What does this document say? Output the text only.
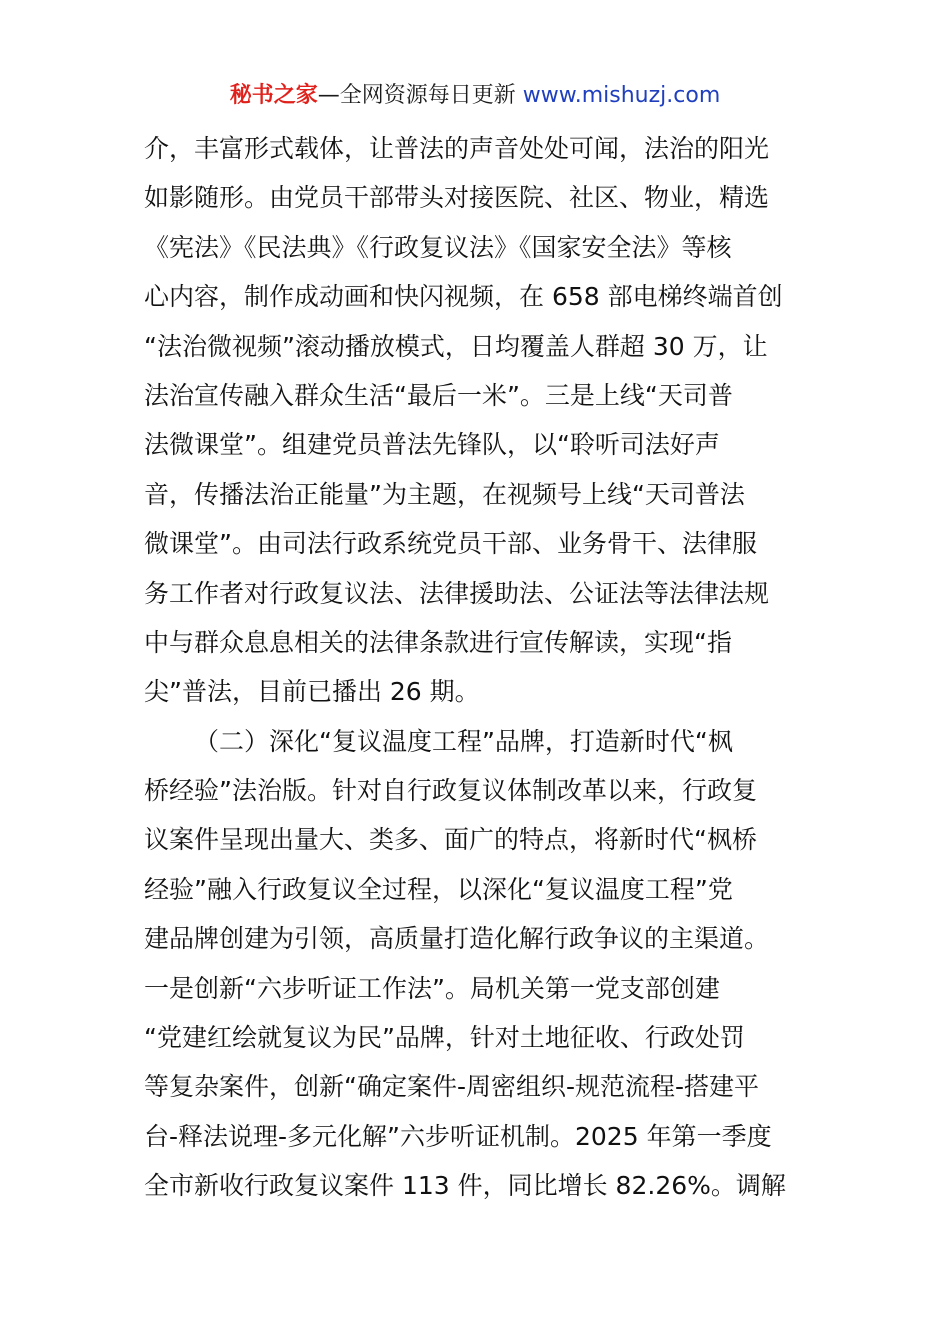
秘书之家—全网资源每日更新 www.mishuzj.com
介，丰富形式载体，让普法的声音处处可闻，法治的阳光
如影随形。由党员干部带头对接医院、社区、物业，精选
《宪法》《民法典》《行政复议法》《国家安全法》等核
心内容，制作成动画和快闪视频，在 658 部电梯终端首创
“法治微视频”滚动播放模式，日均覆盖人群超 30 万，让
法治宣传融入群众生活“最后一米”。三是上线“天司普
法微课堂”。组建党员普法先锋队，以“聆听司法好声
音，传播法治正能量”为主题，在视频号上线“天司普法
微课堂”。由司法行政系统党员干部、业务骨干、法律服
务工作者对行政复议法、法律援助法、公证法等法律法规
中与群众息息相关的法律条款进行宣传解读，实现“指
尖”普法，目前已播出 26 期。
（二）深化“复议温度工程”品牌，打造新时代“枫
桥经验”法治版。针对自行政复议体制改革以来，行政复
议案件呈现出量大、类多、面广的特点，将新时代“枫桥
经验”融入行政复议全过程，以深化“复议温度工程”党
建品牌创建为引领，高质量打造化解行政争议的主渠道。
一是创新“六步听证工作法”。局机关第一党支部创建
“党建红绘就复议为民”品牌，针对土地征收、行政处罚
等复杂案件，创新“确定案件-周密组织-规范流程-搭建平
台-释法说理-多元化解”六步听证机制。2025 年第一季度
全市新收行政复议案件 113 件，同比增长 82.26%。调解
